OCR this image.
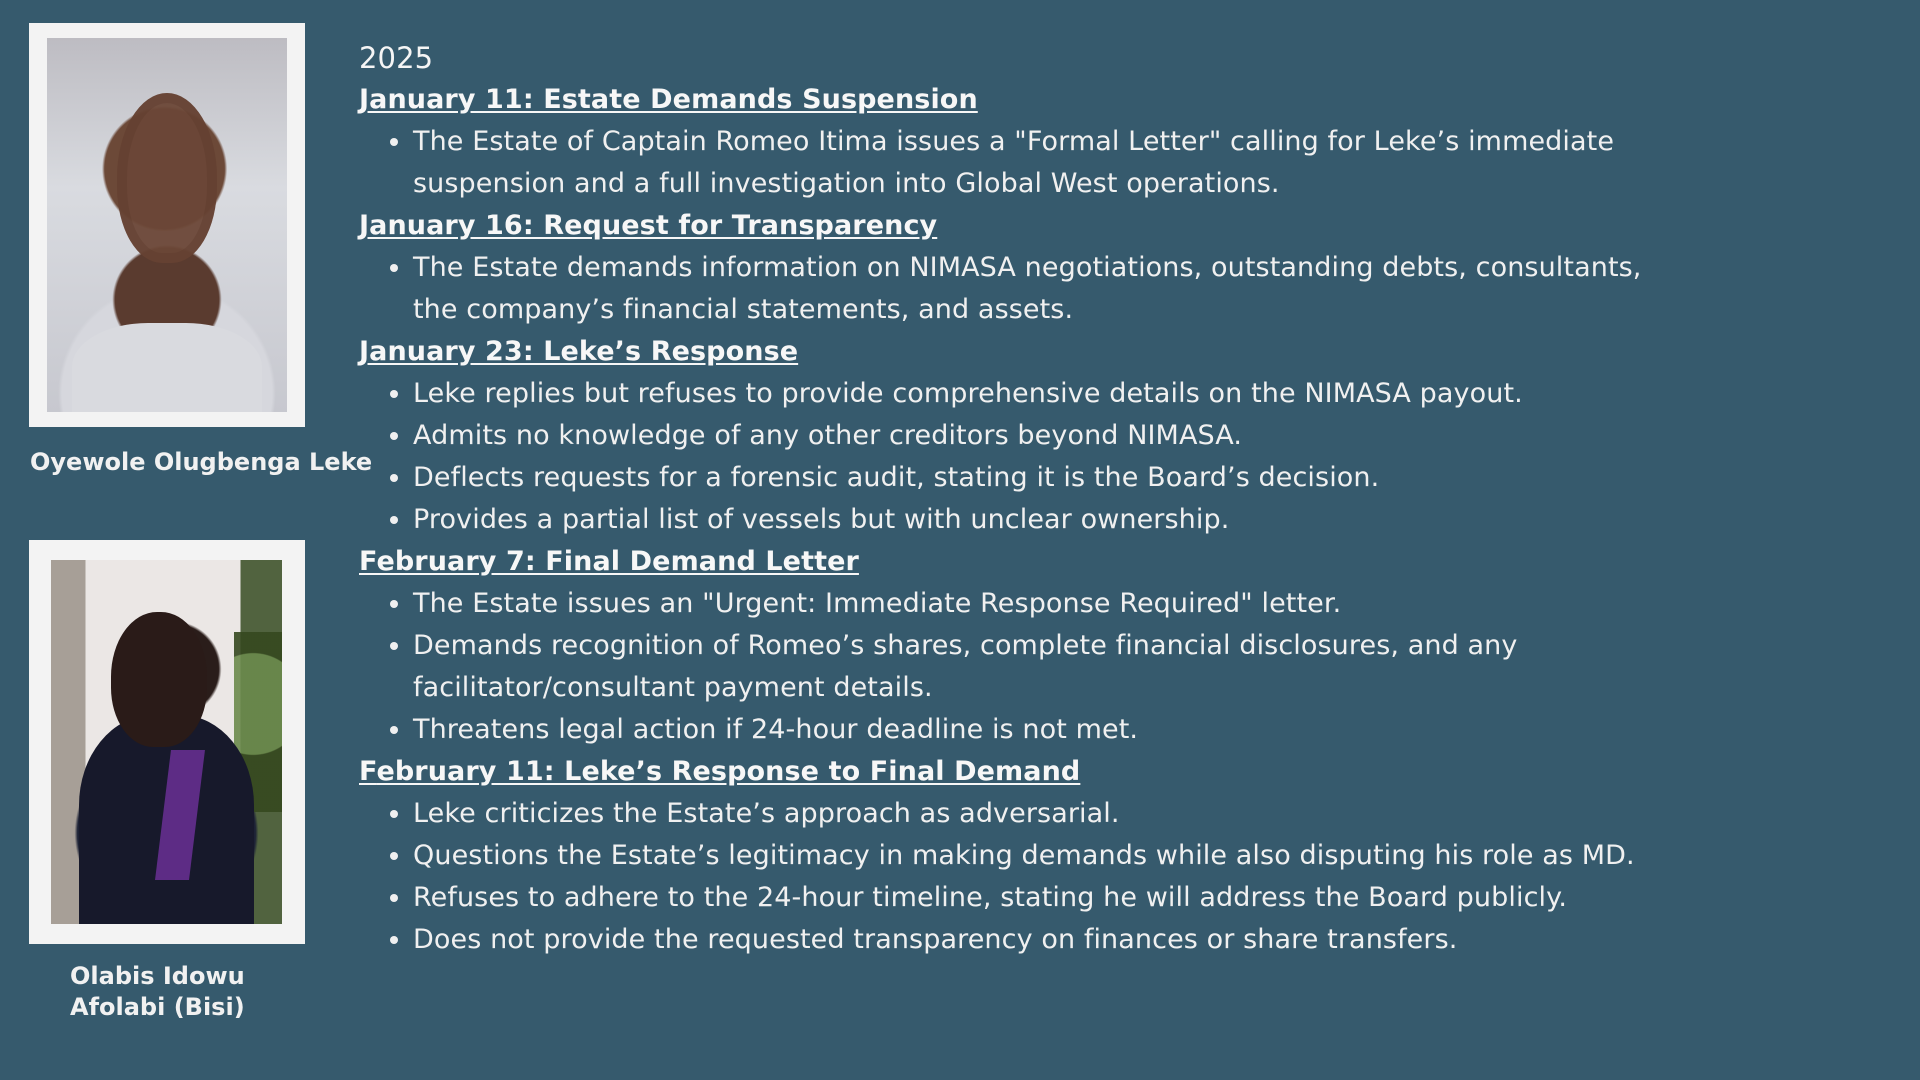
Oyewole Olugbenga Leke
Olabis Idowu
Afolabi (Bisi)
2025
January 11: Estate Demands Suspension
• The Estate of Captain Romeo Itima issues a "Formal Letter" calling for Leke’s immediate suspension and a full investigation into Global West operations.
January 16: Request for Transparency
• The Estate demands information on NIMASA negotiations, outstanding debts, consultants, the company’s financial statements, and assets.
January 23: Leke’s Response
• Leke replies but refuses to provide comprehensive details on the NIMASA payout.
• Admits no knowledge of any other creditors beyond NIMASA.
• Deflects requests for a forensic audit, stating it is the Board’s decision.
• Provides a partial list of vessels but with unclear ownership.
February 7: Final Demand Letter
• The Estate issues an "Urgent: Immediate Response Required" letter.
• Demands recognition of Romeo’s shares, complete financial disclosures, and any facilitator/consultant payment details.
• Threatens legal action if 24-hour deadline is not met.
February 11: Leke’s Response to Final Demand
• Leke criticizes the Estate’s approach as adversarial.
• Questions the Estate’s legitimacy in making demands while also disputing his role as MD.
• Refuses to adhere to the 24-hour timeline, stating he will address the Board publicly.
• Does not provide the requested transparency on finances or share transfers.
